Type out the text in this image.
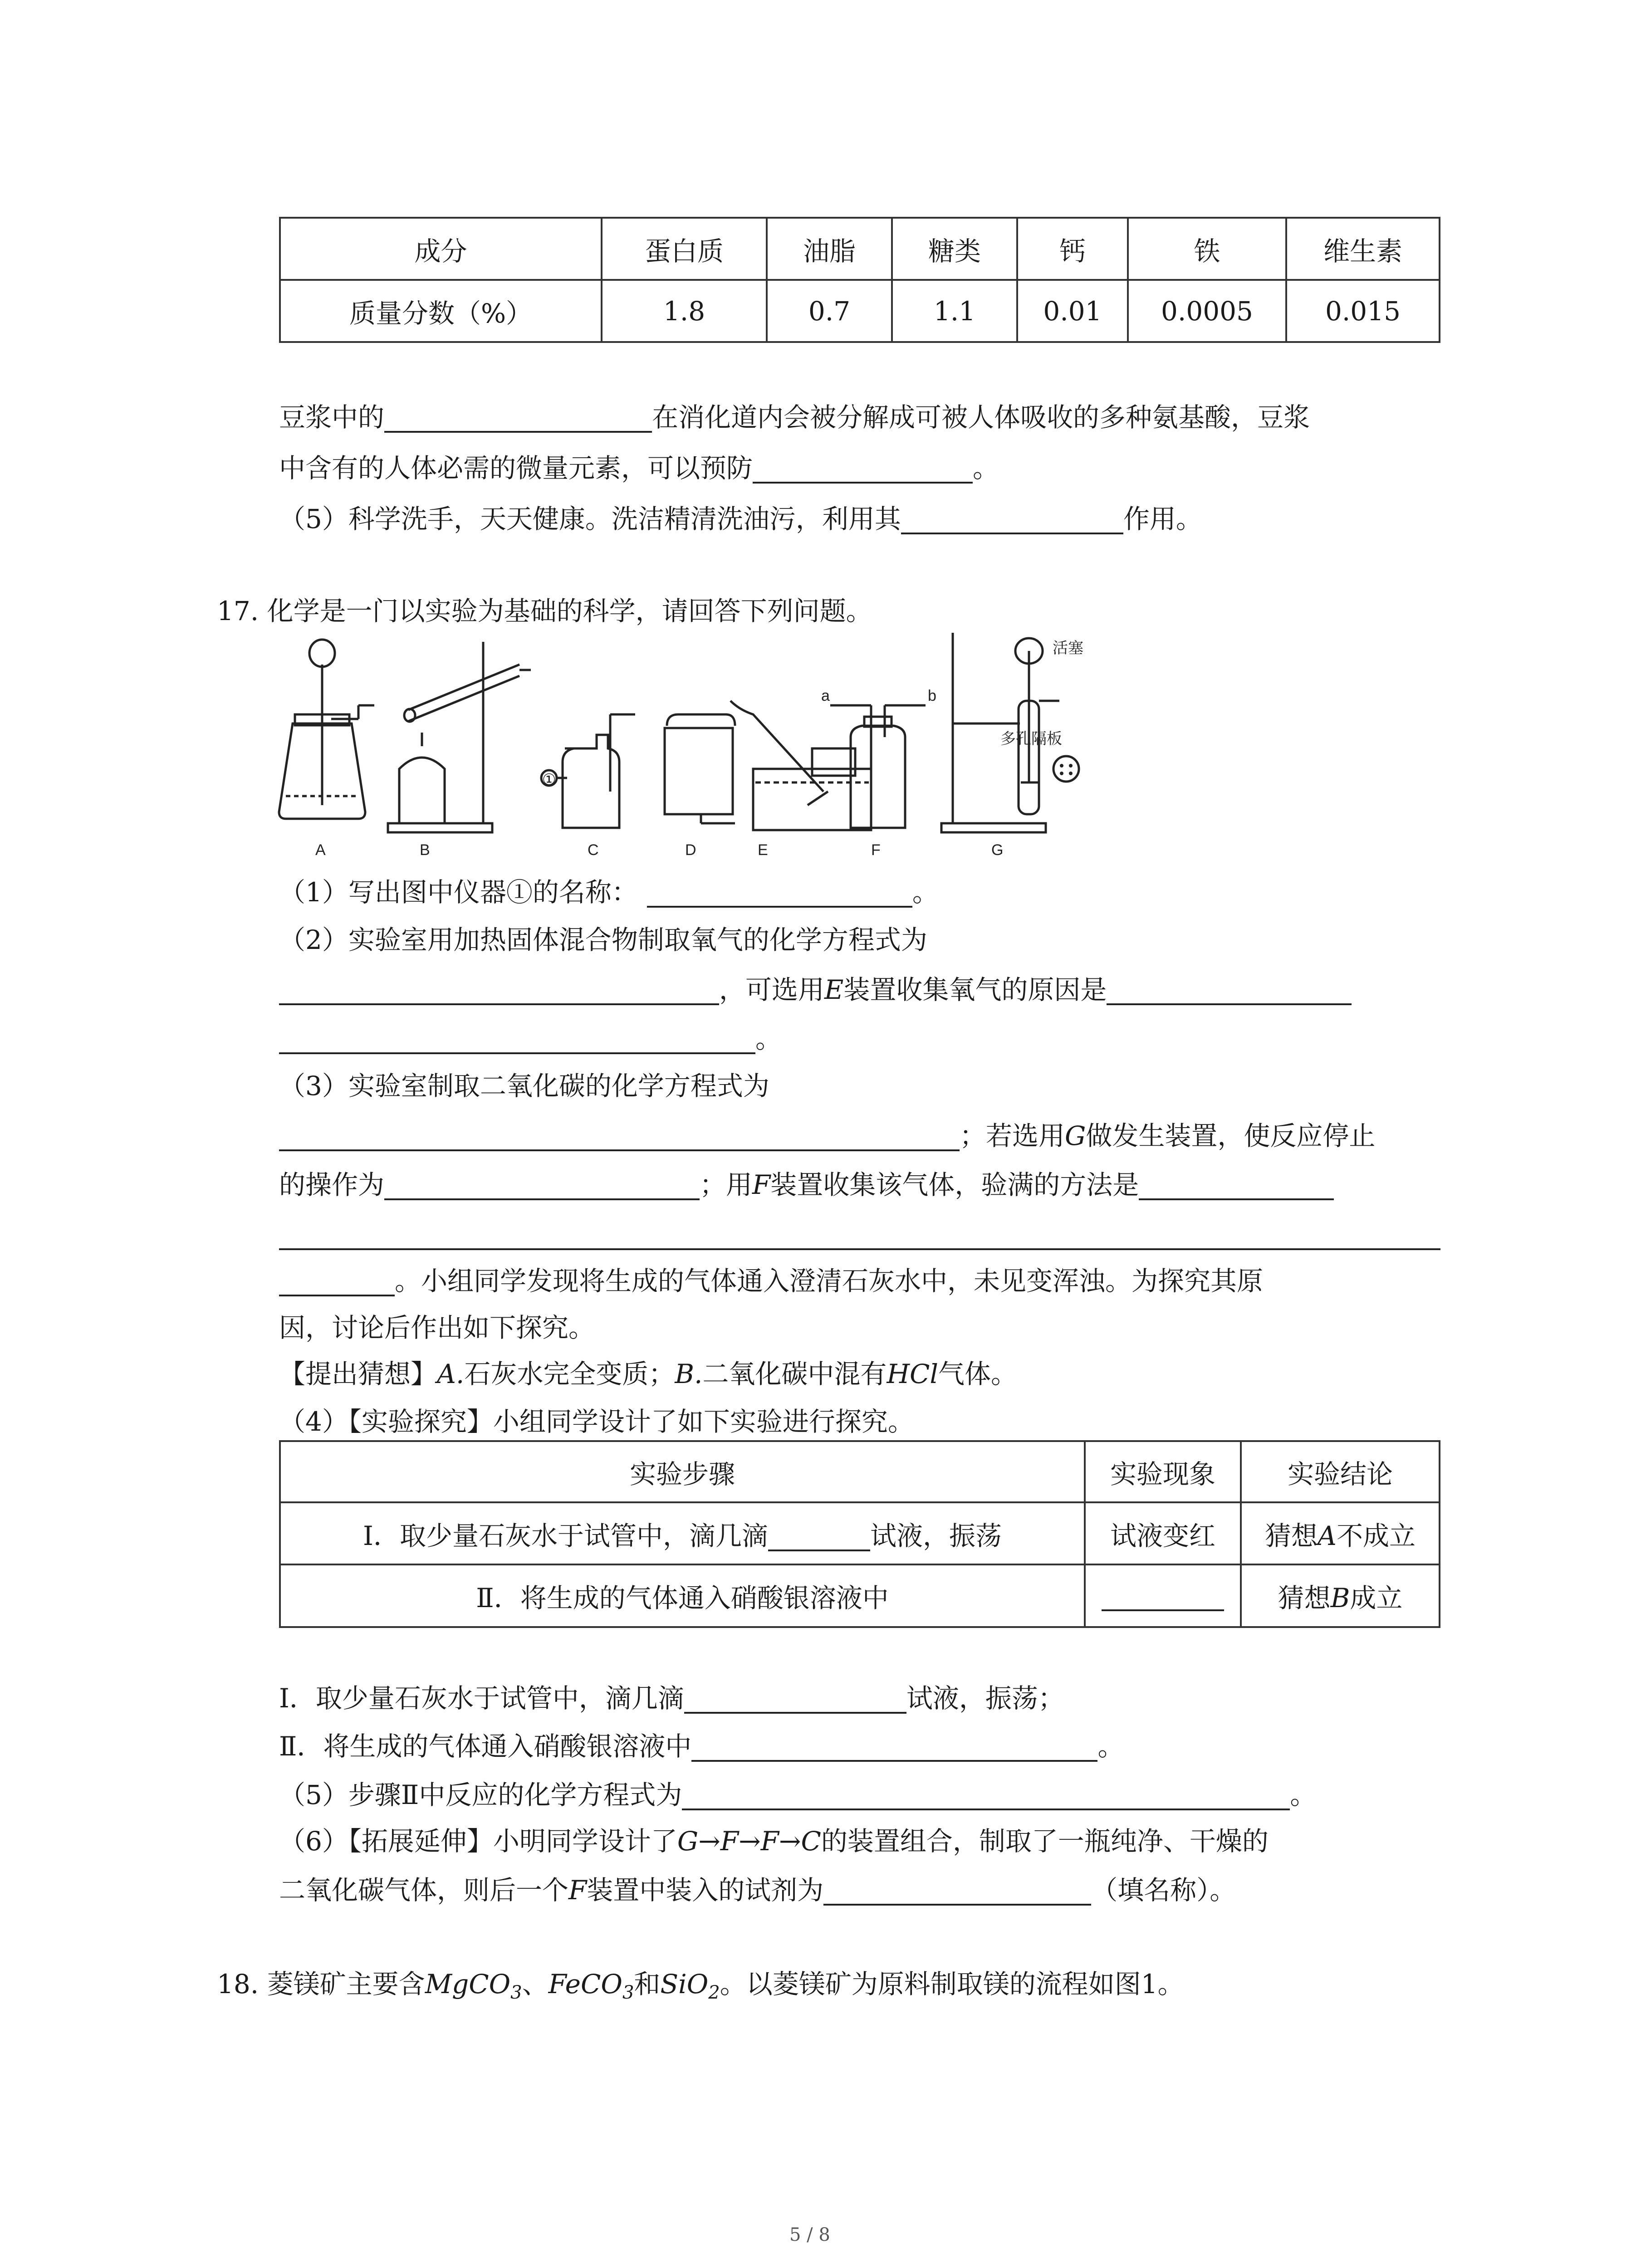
成分	蛋白质	油脂	糖类	钙	铁	维生素
质量分数（%）	1.8	0.7	1.1	0.01	0.0005	0.015
豆浆中的	在消化道内会被分解成可被人体吸收的多种氨基酸，豆浆
中含有的人体必需的微量元素，可以预防	。
（5）科学洗手，天天健康。洗洁精清洗油污，利用其	作用。
17. 化学是一门以实验为基础的科学，请回答下列问题。
①
a	b
活塞
多孔隔板
A	B	C	D	E	F	G
（1）写出图中仪器①的名称：	。
（2）实验室用加热固体混合物制取氧气的化学方程式为
，可选用E装置收集氧气的原因是
。
（3）实验室制取二氧化碳的化学方程式为
；若选用G做发生装置，使反应停止
的操作为	；用F装置收集该气体，验满的方法是
。小组同学发现将生成的气体通入澄清石灰水中，未见变浑浊。为探究其原
因，讨论后作出如下探究。
【提出猜想】A.石灰水完全变质；B.二氧化碳中混有HCl气体。
（4）【实验探究】小组同学设计了如下实验进行探究。
实验步骤	实验现象	实验结论
Ⅰ．取少量石灰水于试管中，滴几滴 试液，振荡	试液变红	猜想A不成立
Ⅱ．将生成的气体通入硝酸银溶液中		猜想B成立
Ⅰ．取少量石灰水于试管中，滴几滴	试液，振荡；
Ⅱ．将生成的气体通入硝酸银溶液中	。
（5）步骤Ⅱ中反应的化学方程式为	。
（6）【拓展延伸】小明同学设计了G→F→F→C的装置组合，制取了一瓶纯净、干燥的
二氧化碳气体，则后一个F装置中装入的试剂为	（填名称）。
18. 菱镁矿主要含MgCO$_3$、FeCO$_3$和SiO$_2$。以菱镁矿为原料制取镁的流程如图1。
5 / 8
